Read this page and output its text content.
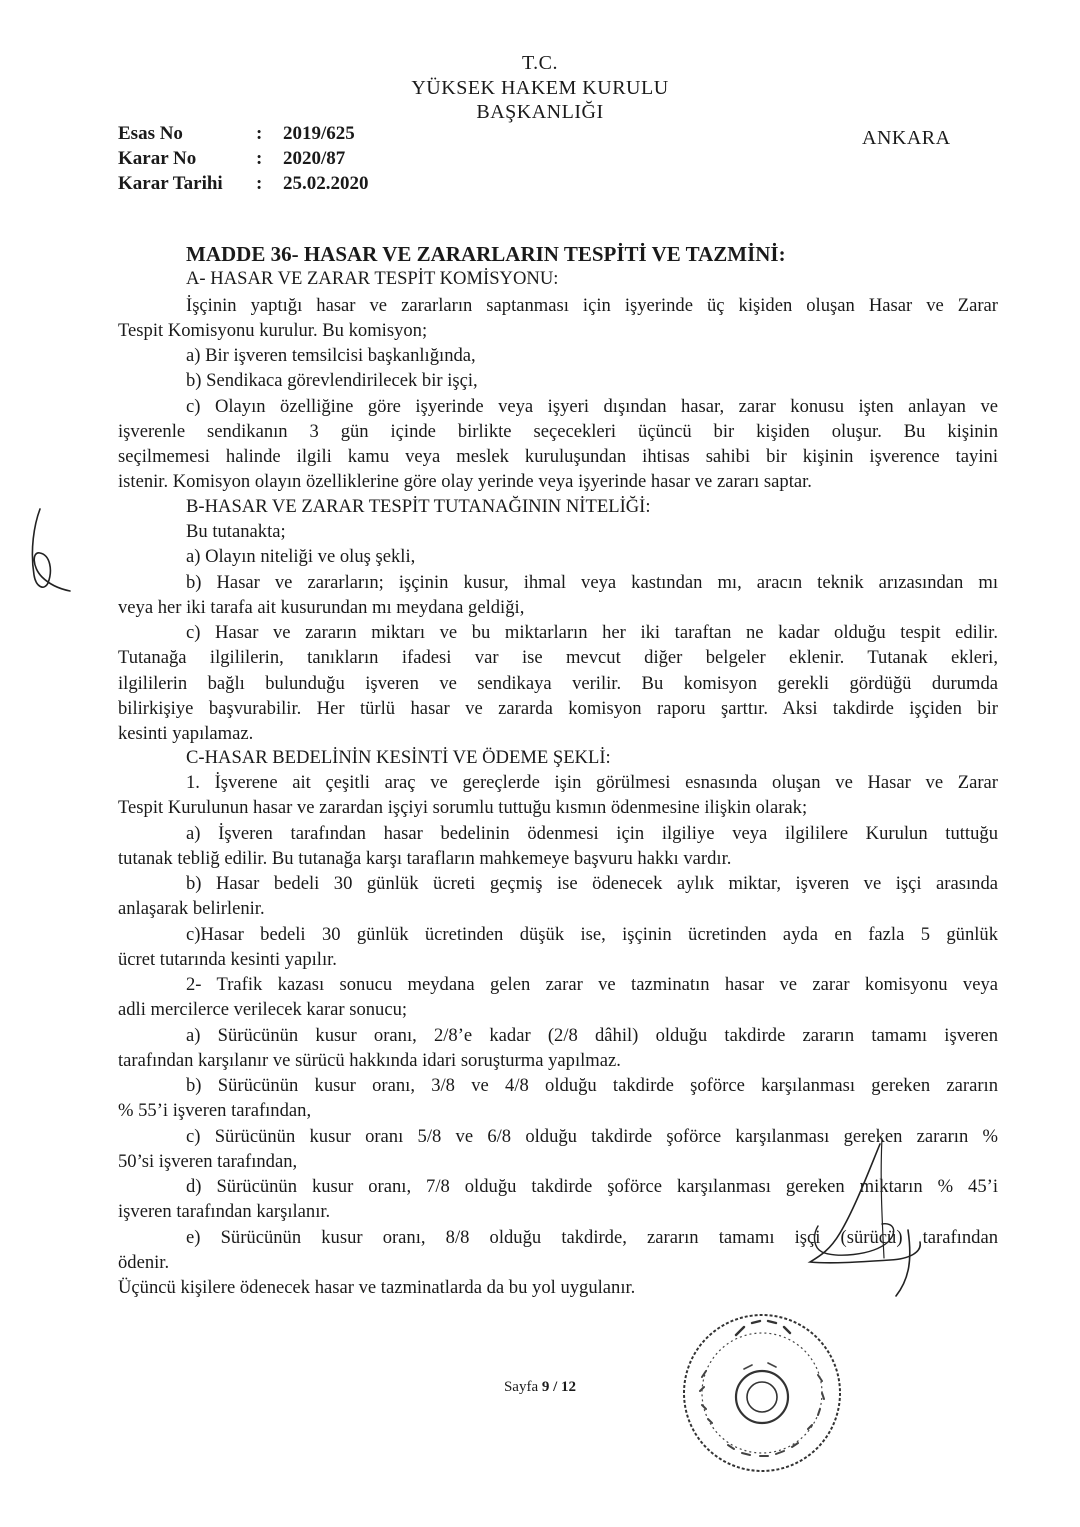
T.C.
YÜKSEK HAKEM KURULU
BAŞKANLIĞI
Esas No	: 2019/625
Karar No	: 2020/87
Karar Tarihi : 25.02.2020
ANKARA
MADDE 36- HASAR VE ZARARLARIN TESPİTİ VE TAZMİNİ:
A- HASAR VE ZARAR TESPİT KOMİSYONU:
İşçinin yaptığı hasar ve zararların saptanması için işyerinde üç kişiden oluşan Hasar ve Zarar
Tespit Komisyonu kurulur. Bu komisyon;
a) Bir işveren temsilcisi başkanlığında,
b) Sendikaca görevlendirilecek bir işçi,
c) Olayın özelliğine göre işyerinde veya işyeri dışından hasar, zarar konusu işten anlayan ve
işverenle sendikanın 3 gün içinde birlikte seçecekleri üçüncü bir kişiden oluşur. Bu kişinin
seçilmemesi halinde ilgili kamu veya meslek kuruluşundan ihtisas sahibi bir kişinin işverence tayini
istenir. Komisyon olayın özelliklerine göre olay yerinde veya işyerinde hasar ve zararı saptar.
B-HASAR VE ZARAR TESPİT TUTANAĞININ NİTELİĞİ:
Bu tutanakta;
a) Olayın niteliği ve oluş şekli,
b) Hasar ve zararların; işçinin kusur, ihmal veya kastından mı, aracın teknik arızasından mı
veya her iki tarafa ait kusurundan mı meydana geldiği,
c) Hasar ve zararın miktarı ve bu miktarların her iki taraftan ne kadar olduğu tespit edilir.
Tutanağa ilgililerin, tanıkların ifadesi var ise mevcut diğer belgeler eklenir. Tutanak ekleri,
ilgililerin bağlı bulunduğu işveren ve sendikaya verilir. Bu komisyon gerekli gördüğü durumda
bilirkişiye başvurabilir. Her türlü hasar ve zararda komisyon raporu şarttır. Aksi takdirde işçiden bir
kesinti yapılamaz.
C-HASAR BEDELİNİN KESİNTİ VE ÖDEME ŞEKLİ:
1. İşverene ait çeşitli araç ve gereçlerde işin görülmesi esnasında oluşan ve Hasar ve Zarar
Tespit Kurulunun hasar ve zarardan işçiyi sorumlu tuttuğu kısmın ödenmesine ilişkin olarak;
a) İşveren tarafından hasar bedelinin ödenmesi için ilgiliye veya ilgililere Kurulun tuttuğu
tutanak tebliğ edilir. Bu tutanağa karşı tarafların mahkemeye başvuru hakkı vardır.
b) Hasar bedeli 30 günlük ücreti geçmiş ise ödenecek aylık miktar, işveren ve işçi arasında
anlaşarak belirlenir.
c)Hasar bedeli 30 günlük ücretinden düşük ise, işçinin ücretinden ayda en fazla 5 günlük
ücret tutarında kesinti yapılır.
2- Trafik kazası sonucu meydana gelen zarar ve tazminatın hasar ve zarar komisyonu veya
adli mercilerce verilecek karar sonucu;
a) Sürücünün kusur oranı, 2/8’e kadar (2/8 dâhil) olduğu takdirde zararın tamamı işveren
tarafından karşılanır ve sürücü hakkında idari soruşturma yapılmaz.
b) Sürücünün kusur oranı, 3/8 ve 4/8 olduğu takdirde şoförce karşılanması gereken zararın
% 55’i işveren tarafından,
c) Sürücünün kusur oranı 5/8 ve 6/8 olduğu takdirde şoförce karşılanması gereken zararın %
50’si işveren tarafından,
d) Sürücünün kusur oranı, 7/8 olduğu takdirde şoförce karşılanması gereken miktarın % 45’i
işveren tarafından karşılanır.
e) Sürücünün kusur oranı, 8/8 olduğu takdirde, zararın tamamı işçi (sürücü) tarafından
ödenir.
Üçüncü kişilere ödenecek hasar ve tazminatlarda da bu yol uygulanır.
Sayfa 9 / 12
